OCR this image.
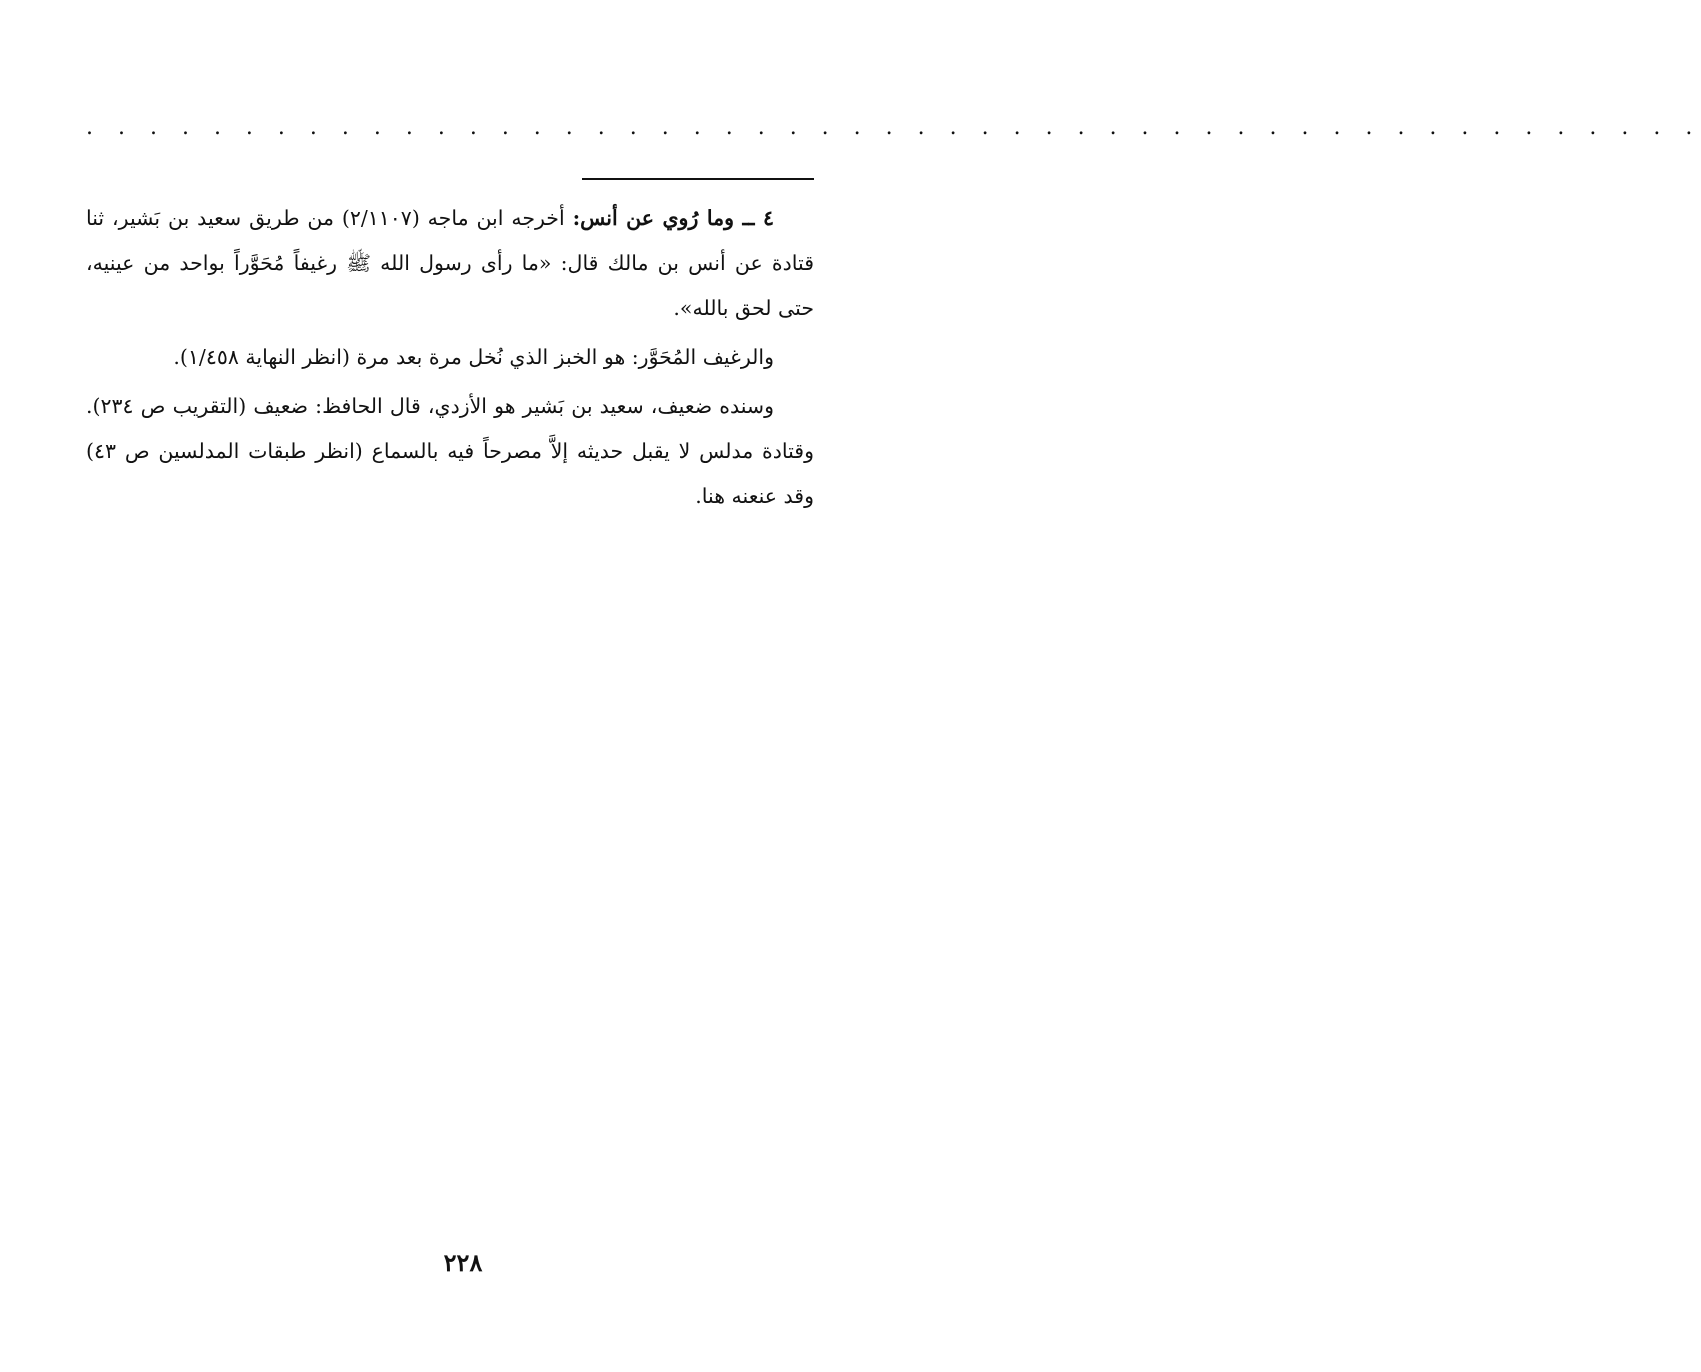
. . . . . . . . . . . . . . . . . . . . . . . . . . . . . . . . . . . . . . . . . . . . . . . . . . .

٤ ــ وما رُوي عن أنس: أخرجه ابن ماجه (٢/١١٠٧) من طريق سعيد بن بَشير، ثنا قتادة عن أنس بن مالك قال: «ما رأى رسول الله ﷺ رغيفاً مُحَوَّراً بواحد من عينيه، حتى لحق بالله».

والرغيف المُحَوَّر: هو الخبز الذي نُخل مرة بعد مرة (انظر النهاية ١/٤٥٨).

وسنده ضعيف، سعيد بن بَشير هو الأزدي، قال الحافظ: ضعيف (التقريب ص ٢٣٤). وقتادة مدلس لا يقبل حديثه إلاَّ مصرحاً فيه بالسماع (انظر طبقات المدلسين ص ٤٣) وقد عنعنه هنا.

٢٢٨
